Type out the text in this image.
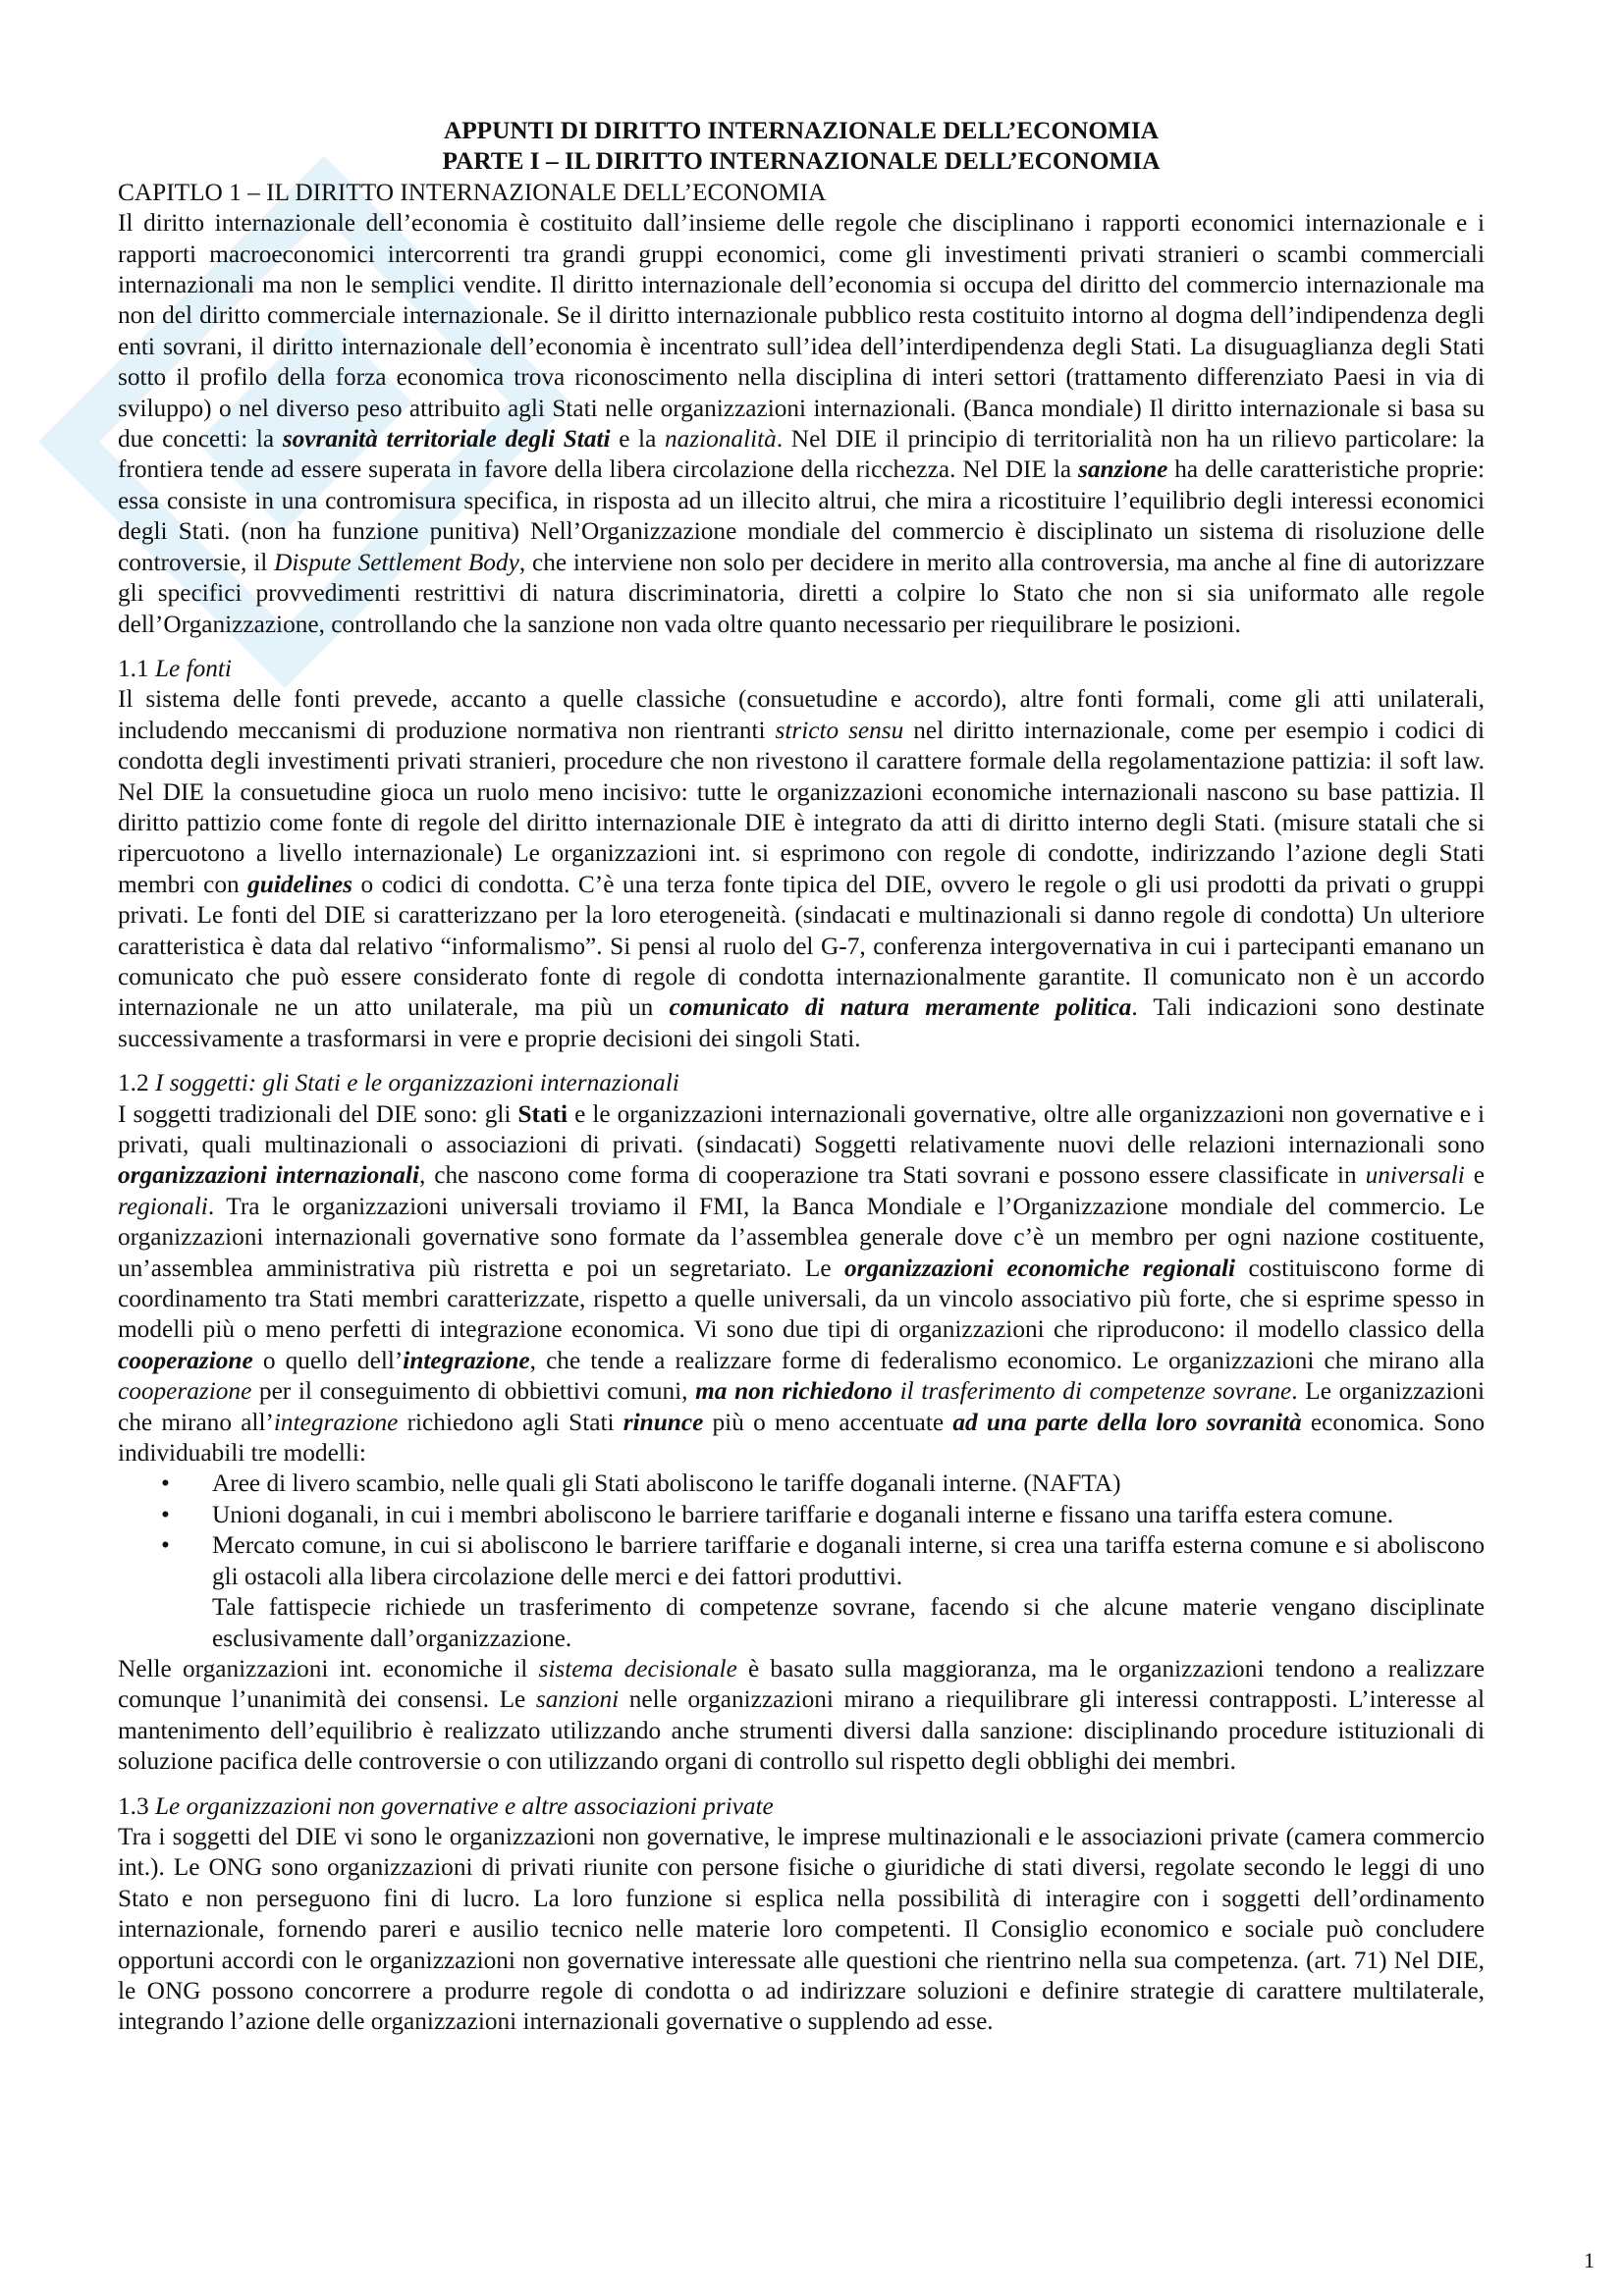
APPUNTI DI DIRITTO INTERNAZIONALE DELL’ECONOMIA
PARTE I – IL DIRITTO INTERNAZIONALE DELL’ECONOMIA
CAPITLO 1 – IL DIRITTO INTERNAZIONALE DELL’ECONOMIA

Il diritto internazionale dell’economia è costituito dall’insieme delle regole che disciplinano i rapporti economici internazionale e i rapporti macroeconomici intercorrenti tra grandi gruppi economici, come gli investimenti privati stranieri o scambi commerciali internazionali ma non le semplici vendite. Il diritto internazionale dell’economia si occupa del diritto del commercio internazionale ma non del diritto commerciale internazionale. Se il diritto internazionale pubblico resta costituito intorno al dogma dell’indipendenza degli enti sovrani, il diritto internazionale dell’economia è incentrato sull’idea dell’interdipendenza degli Stati. La disuguaglianza degli Stati sotto il profilo della forza economica trova riconoscimento nella disciplina di interi settori (trattamento differenziato Paesi in via di sviluppo) o nel diverso peso attribuito agli Stati nelle organizzazioni internazionali. (Banca mondiale) Il diritto internazionale si basa su due concetti: la sovranità territoriale degli Stati e la nazionalità. Nel DIE il principio di territorialità non ha un rilievo particolare: la frontiera tende ad essere superata in favore della libera circolazione della ricchezza. Nel DIE la sanzione ha delle caratteristiche proprie: essa consiste in una contromisura specifica, in risposta ad un illecito altrui, che mira a ricostituire l’equilibrio degli interessi economici degli Stati. (non ha funzione punitiva) Nell’Organizzazione mondiale del commercio è disciplinato un sistema di risoluzione delle controversie, il Dispute Settlement Body, che interviene non solo per decidere in merito alla controversia, ma anche al fine di autorizzare gli specifici provvedimenti restrittivi di natura discriminatoria, diretti a colpire lo Stato che non si sia uniformato alle regole dell’Organizzazione, controllando che la sanzione non vada oltre quanto necessario per riequilibrare le posizioni.

1.1 Le fonti

Il sistema delle fonti prevede, accanto a quelle classiche (consuetudine e accordo), altre fonti formali, come gli atti unilaterali, includendo meccanismi di produzione normativa non rientranti stricto sensu nel diritto internazionale, come per esempio i codici di condotta degli investimenti privati stranieri, procedure che non rivestono il carattere formale della regolamentazione pattizia: il soft law. Nel DIE la consuetudine gioca un ruolo meno incisivo: tutte le organizzazioni economiche internazionali nascono su base pattizia. Il diritto pattizio come fonte di regole del diritto internazionale DIE è integrato da atti di diritto interno degli Stati. (misure statali che si ripercuotono a livello internazionale) Le organizzazioni int. si esprimono con regole di condotte, indirizzando l’azione degli Stati membri con guidelines o codici di condotta. C’è una terza fonte tipica del DIE, ovvero le regole o gli usi prodotti da privati o gruppi privati. Le fonti del DIE si caratterizzano per la loro eterogeneità. (sindacati e multinazionali si danno regole di condotta) Un ulteriore caratteristica è data dal relativo “informalismo”. Si pensi al ruolo del G-7, conferenza intergovernativa in cui i partecipanti emanano un comunicato che può essere considerato fonte di regole di condotta internazionalmente garantite. Il comunicato non è un accordo internazionale ne un atto unilaterale, ma più un comunicato di natura meramente politica. Tali indicazioni sono destinate successivamente a trasformarsi in vere e proprie decisioni dei singoli Stati.

1.2 I soggetti: gli Stati e le organizzazioni internazionali

I soggetti tradizionali del DIE sono: gli Stati e le organizzazioni internazionali governative, oltre alle organizzazioni non governative e i privati, quali multinazionali o associazioni di privati. (sindacati) Soggetti relativamente nuovi delle relazioni internazionali sono organizzazioni internazionali, che nascono come forma di cooperazione tra Stati sovrani e possono essere classificate in universali e regionali. Tra le organizzazioni universali troviamo il FMI, la Banca Mondiale e l’Organizzazione mondiale del commercio. Le organizzazioni internazionali governative sono formate da l’assemblea generale dove c’è un membro per ogni nazione costituente, un’assemblea amministrativa più ristretta e poi un segretariato. Le organizzazioni economiche regionali costituiscono forme di coordinamento tra Stati membri caratterizzate, rispetto a quelle universali, da un vincolo associativo più forte, che si esprime spesso in modelli più o meno perfetti di integrazione economica. Vi sono due tipi di organizzazioni che riproducono: il modello classico della cooperazione o quello dell’integrazione, che tende a realizzare forme di federalismo economico. Le organizzazioni che mirano alla cooperazione per il conseguimento di obbiettivi comuni, ma non richiedono il trasferimento di competenze sovrane. Le organizzazioni che mirano all’integrazione richiedono agli Stati rinunce più o meno accentuate ad una parte della loro sovranità economica. Sono individuabili tre modelli:

• Aree di livero scambio, nelle quali gli Stati aboliscono le tariffe doganali interne. (NAFTA)
• Unioni doganali, in cui i membri aboliscono le barriere tariffarie e doganali interne e fissano una tariffa estera comune.
• Mercato comune, in cui si aboliscono le barriere tariffarie e doganali interne, si crea una tariffa esterna comune e si aboliscono gli ostacoli alla libera circolazione delle merci e dei fattori produttivi.
Tale fattispecie richiede un trasferimento di competenze sovrane, facendo si che alcune materie vengano disciplinate esclusivamente dall’organizzazione.

Nelle organizzazioni int. economiche il sistema decisionale è basato sulla maggioranza, ma le organizzazioni tendono a realizzare comunque l’unanimità dei consensi. Le sanzioni nelle organizzazioni mirano a riequilibrare gli interessi contrapposti. L’interesse al mantenimento dell’equilibrio è realizzato utilizzando anche strumenti diversi dalla sanzione: disciplinando procedure istituzionali di soluzione pacifica delle controversie o con utilizzando organi di controllo sul rispetto degli obblighi dei membri.

1.3 Le organizzazioni non governative e altre associazioni private

Tra i soggetti del DIE vi sono le organizzazioni non governative, le imprese multinazionali e le associazioni private (camera commercio int.). Le ONG sono organizzazioni di privati riunite con persone fisiche o giuridiche di stati diversi, regolate secondo le leggi di uno Stato e non perseguono fini di lucro. La loro funzione si esplica nella possibilità di interagire con i soggetti dell’ordinamento internazionale, fornendo pareri e ausilio tecnico nelle materie loro competenti. Il Consiglio economico e sociale può concludere opportuni accordi con le organizzazioni non governative interessate alle questioni che rientrino nella sua competenza. (art. 71) Nel DIE, le ONG possono concorrere a produrre regole di condotta o ad indirizzare soluzioni e definire strategie di carattere multilaterale, integrando l’azione delle organizzazioni internazionali governative o supplendo ad esse.

1
